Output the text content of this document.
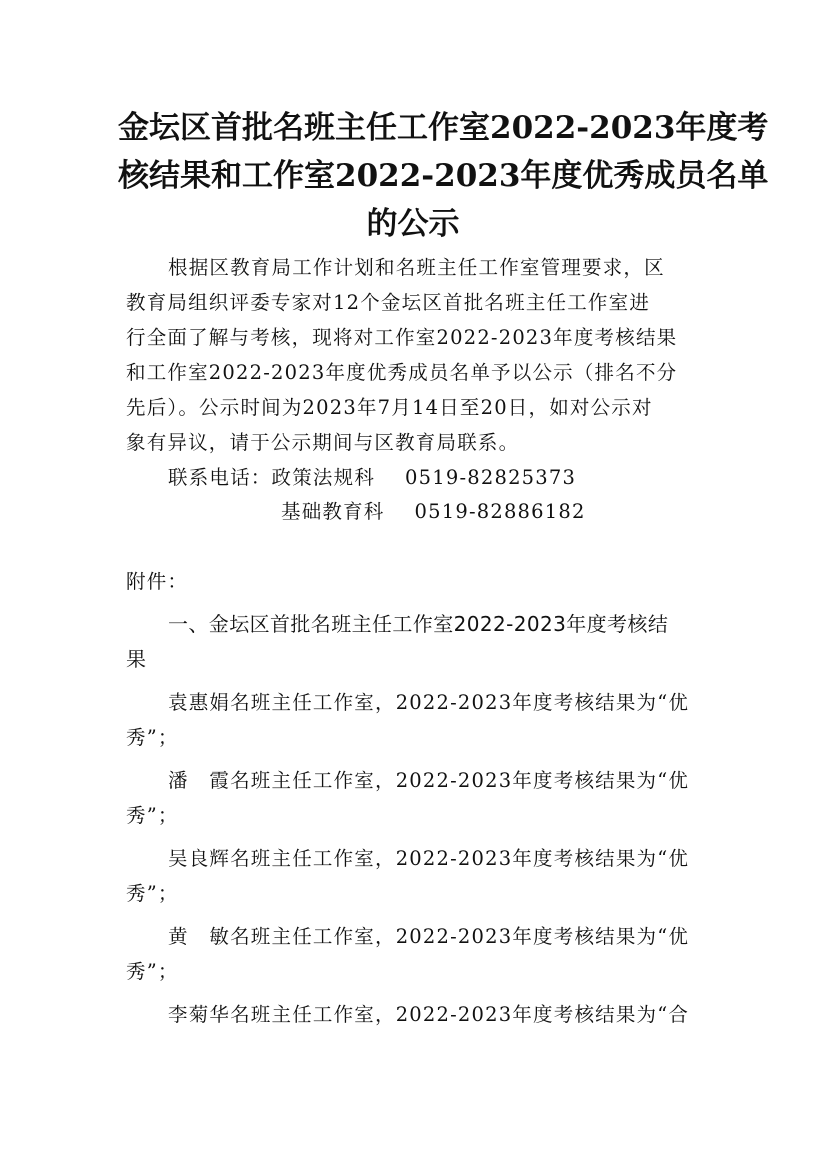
金坛区首批名班主任工作室2022-2023年度考
核结果和工作室2022-2023年度优秀成员名单
的公示
根据区教育局工作计划和名班主任工作室管理要求，区
教育局组织评委专家对12个金坛区首批名班主任工作室进
行全面了解与考核，现将对工作室2022-2023年度考核结果
和工作室2022-2023年度优秀成员名单予以公示（排名不分
先后）。公示时间为2023年7月14日至20日，如对公示对
象有异议，请于公示期间与区教育局联系。
联系电话：政策法规科 0519-82825373
基础教育科 0519-82886182
附件：
一、金坛区首批名班主任工作室2022-2023年度考核结
果
袁惠娟名班主任工作室，2022-2023年度考核结果为“优
秀”；
潘　霞名班主任工作室，2022-2023年度考核结果为“优
秀”；
吴良辉名班主任工作室，2022-2023年度考核结果为“优
秀”；
黄　敏名班主任工作室，2022-2023年度考核结果为“优
秀”；
李菊华名班主任工作室，2022-2023年度考核结果为“合
